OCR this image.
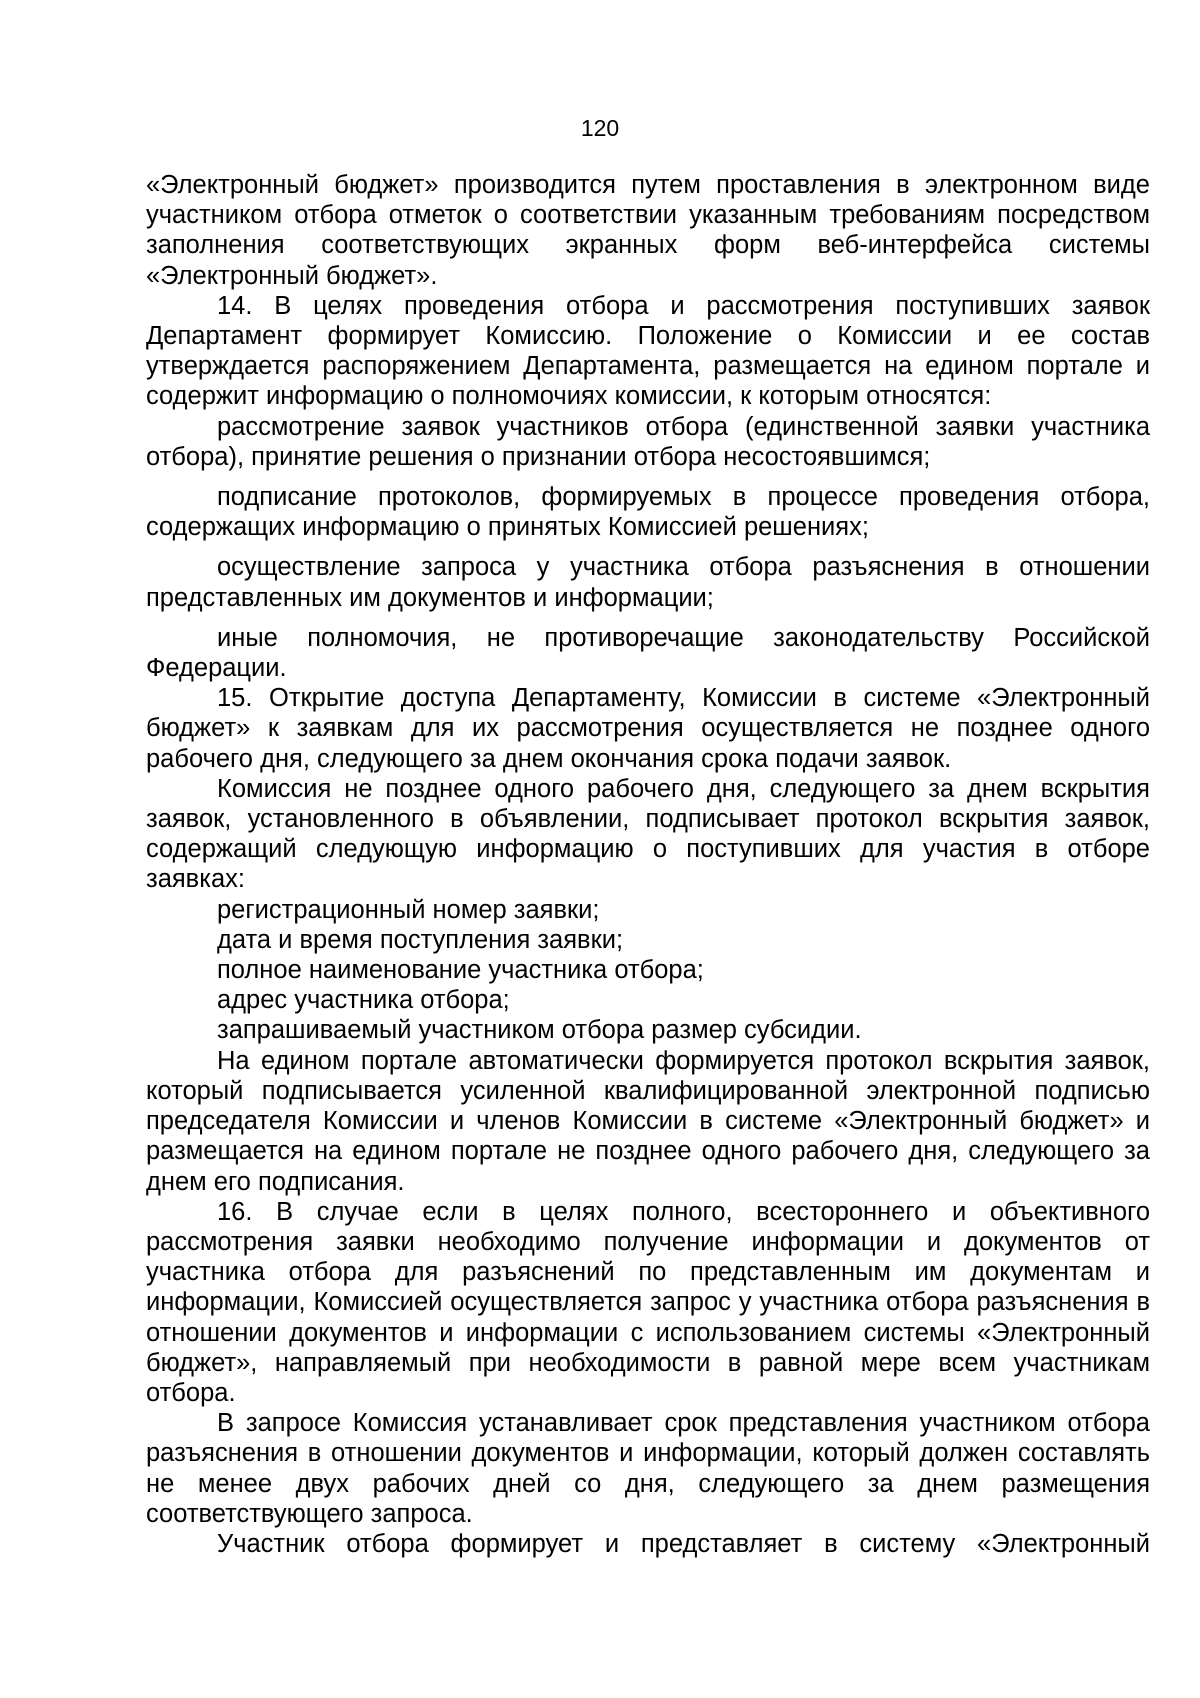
120

«Электронный бюджет» производится путем проставления в электронном виде участником отбора отметок о соответствии указанным требованиям посредством заполнения соответствующих экранных форм веб-интерфейса системы «Электронный бюджет».

14. В целях проведения отбора и рассмотрения поступивших заявок Департамент формирует Комиссию. Положение о Комиссии и ее состав утверждается распоряжением Департамента, размещается на едином портале и содержит информацию о полномочиях комиссии, к которым относятся:

рассмотрение заявок участников отбора (единственной заявки участника отбора), принятие решения о признании отбора несостоявшимся;

подписание протоколов, формируемых в процессе проведения отбора, содержащих информацию о принятых Комиссией решениях;

осуществление запроса у участника отбора разъяснения в отношении представленных им документов и информации;

иные полномочия, не противоречащие законодательству Российской Федерации.

15. Открытие доступа Департаменту, Комиссии в системе «Электронный бюджет» к заявкам для их рассмотрения осуществляется не позднее одного рабочего дня, следующего за днем окончания срока подачи заявок.

Комиссия не позднее одного рабочего дня, следующего за днем вскрытия заявок, установленного в объявлении, подписывает протокол вскрытия заявок, содержащий следующую информацию о поступивших для участия в отборе заявках:

регистрационный номер заявки;

дата и время поступления заявки;

полное наименование участника отбора;

адрес участника отбора;

запрашиваемый участником отбора размер субсидии.

На едином портале автоматически формируется протокол вскрытия заявок, который подписывается усиленной квалифицированной электронной подписью председателя Комиссии и членов Комиссии в системе «Электронный бюджет» и размещается на едином портале не позднее одного рабочего дня, следующего за днем его подписания.

16. В случае если в целях полного, всестороннего и объективного рассмотрения заявки необходимо получение информации и документов от участника отбора для разъяснений по представленным им документам и информации, Комиссией осуществляется запрос у участника отбора разъяснения в отношении документов и информации с использованием системы «Электронный бюджет», направляемый при необходимости в равной мере всем участникам отбора.

В запросе Комиссия устанавливает срок представления участником отбора разъяснения в отношении документов и информации, который должен составлять не менее двух рабочих дней со дня, следующего за днем размещения соответствующего запроса.

Участник отбора формирует и представляет в систему «Электронный
